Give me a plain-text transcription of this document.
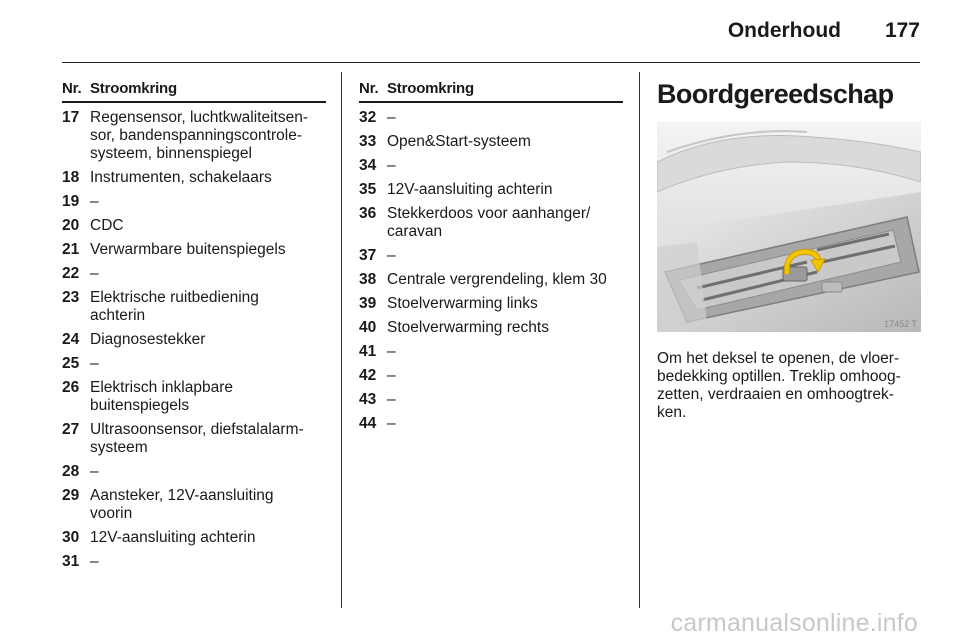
Onderhoud 177
Nr. Stroomkring
17 Regensensor, luchtkwaliteitsen-
sor, bandenspanningscontrole-
systeem, binnenspiegel
18 Instrumenten, schakelaars
19 –
20 CDC
21 Verwarmbare buitenspiegels
22 –
23 Elektrische ruitbediening
achterin
24 Diagnosestekker
25 –
26 Elektrisch inklapbare
buitenspiegels
27 Ultrasoonsensor, diefstalalarm-
systeem
28 –
29 Aansteker, 12V-aansluiting
voorin
30 12V-aansluiting achterin
31 –
Nr. Stroomkring
32 –
33 Open&Start-systeem
34 –
35 12V-aansluiting achterin
36 Stekkerdoos voor aanhanger/
caravan
37 –
38 Centrale vergrendeling, klem 30
39 Stoelverwarming links
40 Stoelverwarming rechts
41 –
42 –
43 –
44 –
Boordgereedschap
17452 T
Om het deksel te openen, de vloer-
bedekking optillen. Treklip omhoog-
zetten, verdraaien en omhoogtrek-
ken.
carmanualsonline.info
